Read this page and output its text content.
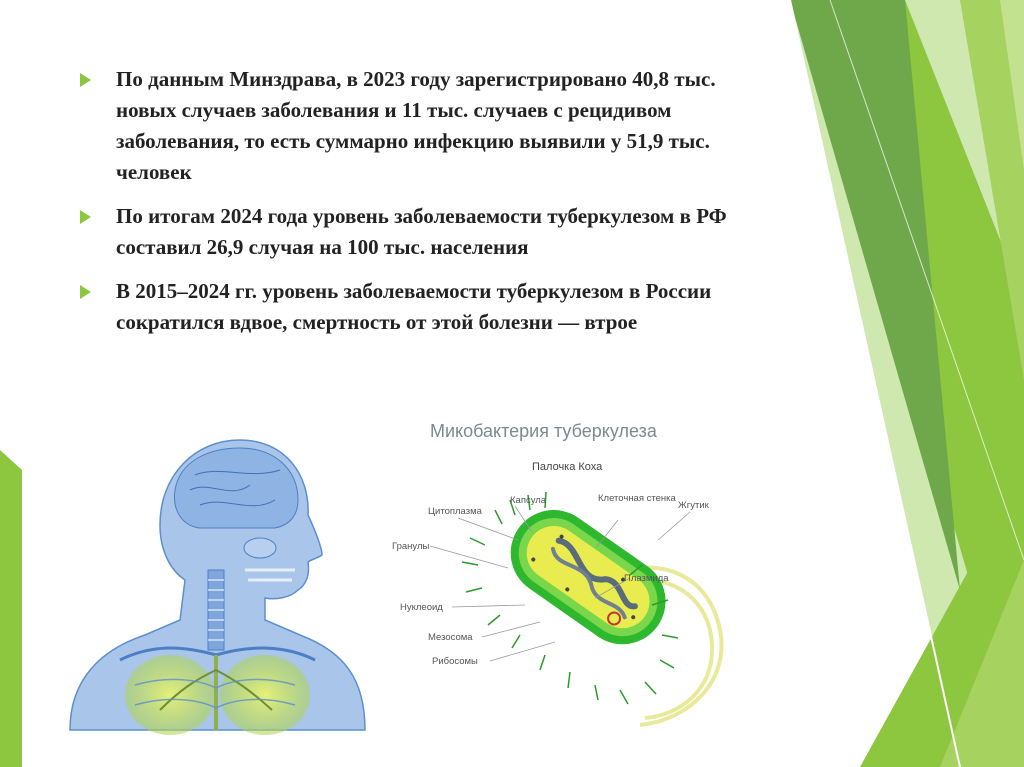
По данным Минздрава, в 2023 году зарегистрировано 40,8 тыс. новых случаев заболевания и 11 тыс. случаев с рецидивом заболевания, то есть суммарно инфекцию выявили у 51,9 тыс. человек
По итогам 2024 года уровень заболеваемости туберкулезом в РФ составил 26,9 случая на 100 тыс. населения
В 2015–2024 гг. уровень заболеваемости туберкулезом в России сократился вдвое, смертность от этой болезни — втрое
Микобактерия туберкулеза
Палочка Коха
Цитоплазма
Капсула	Клеточная стенка
Жгутик
Гранулы
Плазмида
Нуклеоид
Мезосома
Рибосомы
